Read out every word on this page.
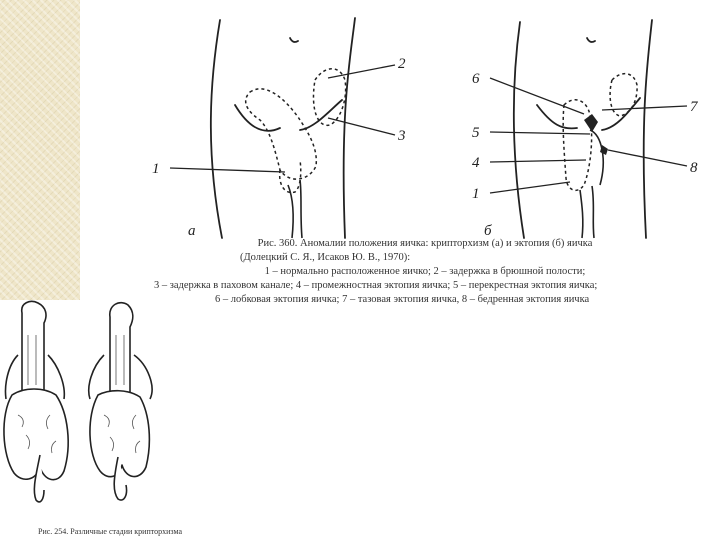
1
2
3
а
6
5
4
1
7
8
б
Рис. 360. Аномалии положения яичка: крипторхизм (а) и эктопия (б) яичка
(Долецкий С. Я., Исаков Ю. В., 1970):
1 – нормально расположенное яичко; 2 – задержка в брюшной полости;
3 – задержка в паховом канале; 4 – промежностная эктопия яичка; 5 – перекрестная эктопия яичка;
6 – лобковая эктопия яичка; 7 – тазовая эктопия яичка, 8 – бедренная эктопия яичка
Рис. 254. Различные стадии крипторхизма
